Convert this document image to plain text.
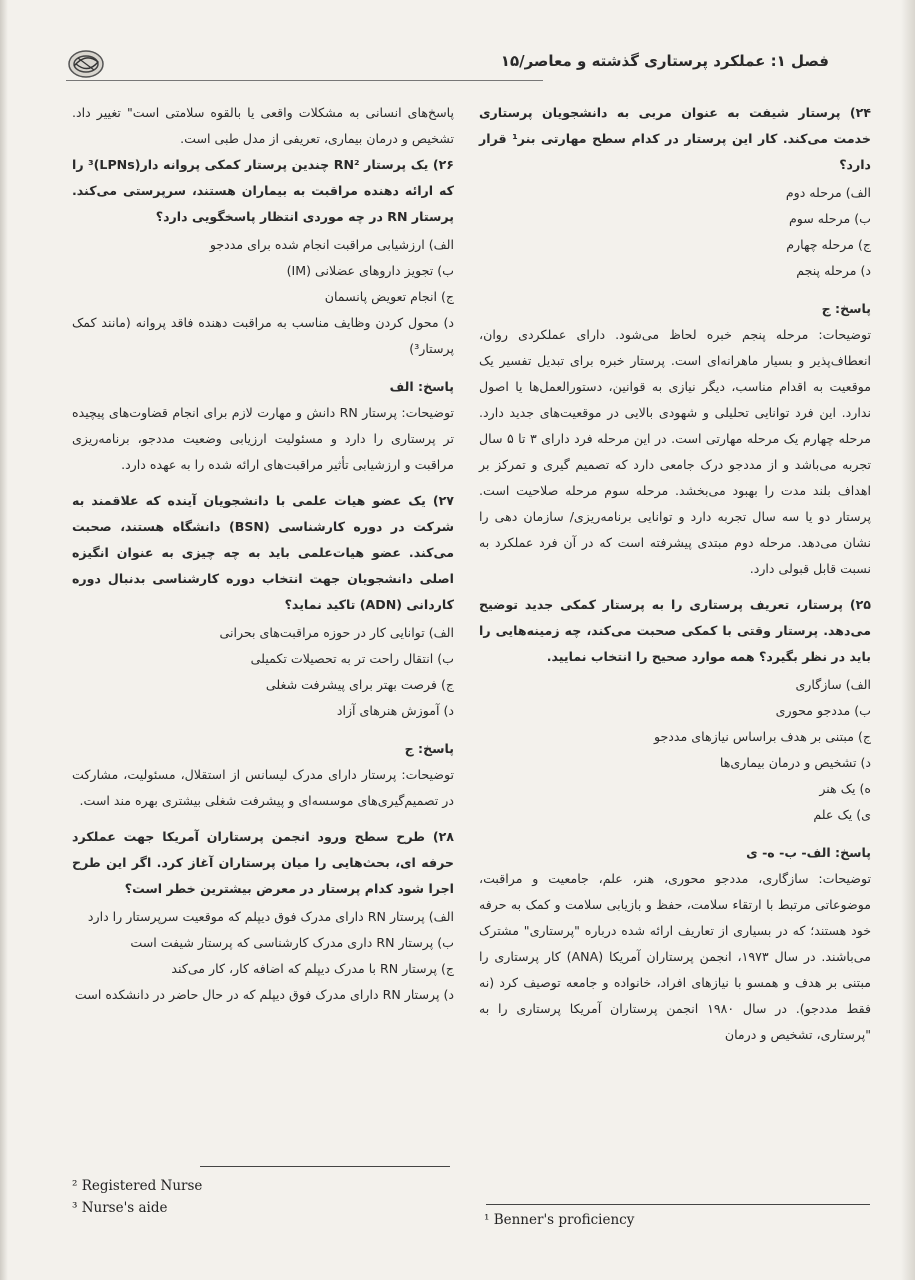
فصل ۱: عملکرد پرستاری گذشته و معاصر/۱۵
۲۴) پرستار شیفت به عنوان مربی به دانشجویان پرستاری خدمت می‌کند. کار این پرستار در کدام سطح مهارتی بنر¹ قرار دارد؟
الف) مرحله دوم
ب) مرحله سوم
ج) مرحله چهارم
د) مرحله پنجم
پاسخ: ج
توضیحات: مرحله پنجم خبره لحاظ می‌شود. دارای عملکردی روان، انعطاف‌پذیر و بسیار ماهرانه‌ای است. پرستار خبره برای تبدیل تفسیر یک موقعیت به اقدام مناسب، دیگر نیازی به قوانین، دستورالعمل‌ها یا اصول ندارد. این فرد توانایی تحلیلی و شهودی بالایی در موقعیت‌های جدید دارد. مرحله چهارم یک مرحله مهارتی است. در این مرحله فرد دارای ۳ تا ۵ سال تجربه می‌باشد و از مددجو درک جامعی دارد که تصمیم گیری و تمرکز بر اهداف بلند مدت را بهبود می‌بخشد. مرحله سوم مرحله صلاحیت است. پرستار دو یا سه سال تجربه دارد و توانایی برنامه‌ریزی/ سازمان دهی را نشان می‌دهد. مرحله دوم مبتدی پیشرفته است که در آن فرد عملکرد به نسبت قابل قبولی دارد.
۲۵) پرستار، تعریف پرستاری را به پرستار کمکی جدید توضیح می‌دهد. پرستار وقتی با کمکی صحبت می‌کند، چه زمینه‌هایی را باید در نظر بگیرد؟ همه موارد صحیح را انتخاب نمایید.
الف) سازگاری
ب) مددجو محوری
ج) مبتنی بر هدف براساس نیازهای مددجو
د) تشخیص و درمان بیماری‌ها
ه) یک هنر
ی) یک علم
پاسخ: الف- ب- ه- ی
توضیحات: سازگاری، مددجو محوری، هنر، علم، جامعیت و مراقبت، موضوعاتی مرتبط با ارتقاء سلامت، حفظ و بازیابی سلامت و کمک به حرفه خود هستند؛ که در بسیاری از تعاریف ارائه شده درباره "پرستاری" مشترک می‌باشند. در سال ۱۹۷۳، انجمن پرستاران آمریکا (ANA) کار پرستاری را مبتنی بر هدف و همسو با نیازهای افراد، خانواده و جامعه توصیف کرد (نه فقط مددجو). در سال ۱۹۸۰ انجمن پرستاران آمریکا پرستاری را به "پرستاری، تشخیص و درمان
پاسخ‌های انسانی به مشکلات واقعی یا بالقوه سلامتی است" تغییر داد. تشخیص و درمان بیماری، تعریفی از مدل طبی است.
۲۶) یک پرستار RN² چندین پرستار کمکی پروانه دار(LPNs)³ را که ارائه دهنده مراقبت به بیماران هستند، سرپرستی می‌کند. پرستار RN در چه موردی انتظار پاسخگویی دارد؟
الف) ارزشیابی مراقبت انجام شده برای مددجو
ب) تجویز داروهای عضلانی (IM)
ج) انجام تعویض پانسمان
د) محول کردن وظایف مناسب به مراقبت دهنده فاقد پروانه (مانند کمک پرستار³)
پاسخ: الف
توضیحات: پرستار RN دانش و مهارت لازم برای انجام قضاوت‌های پیچیده تر پرستاری را دارد و مسئولیت ارزیابی وضعیت مددجو، برنامه‌ریزی مراقبت و ارزشیابی تأثیر مراقبت‌های ارائه شده را به عهده دارد.
۲۷) یک عضو هیات علمی با دانشجویان آینده که علاقمند به شرکت در دوره کارشناسی (BSN) دانشگاه هستند، صحبت می‌کند. عضو هیات‌علمی باید به چه چیزی به عنوان انگیزه اصلی دانشجویان جهت انتخاب دوره کارشناسی بدنبال دوره کاردانی (ADN) تاکید نماید؟
الف) توانایی کار در حوزه مراقبت‌های بحرانی
ب) انتقال راحت تر به تحصیلات تکمیلی
ج) فرصت بهتر برای پیشرفت شغلی
د) آموزش هنرهای آزاد
پاسخ: ج
توضیحات: پرستار دارای مدرک لیسانس از استقلال، مسئولیت، مشارکت در تصمیم‌گیری‌های موسسه‌ای و پیشرفت شغلی بیشتری بهره مند است.
۲۸) طرح سطح ورود انجمن پرستاران آمریکا جهت عملکرد حرفه ای، بحث‌هایی را میان پرستاران آغاز کرد. اگر این طرح اجرا شود کدام پرستار در معرض بیشترین خطر است؟
الف) پرستار RN دارای مدرک فوق دیپلم که موقعیت سرپرستار را دارد
ب) پرستار RN داری مدرک کارشناسی که پرستار شیفت است
ج) پرستار RN با مدرک دیپلم که اضافه کار، کار می‌کند
د) پرستار RN دارای مدرک فوق دیپلم که در حال حاضر در دانشکده است
² Registered Nurse
³ Nurse's aide
¹ Benner's proficiency
